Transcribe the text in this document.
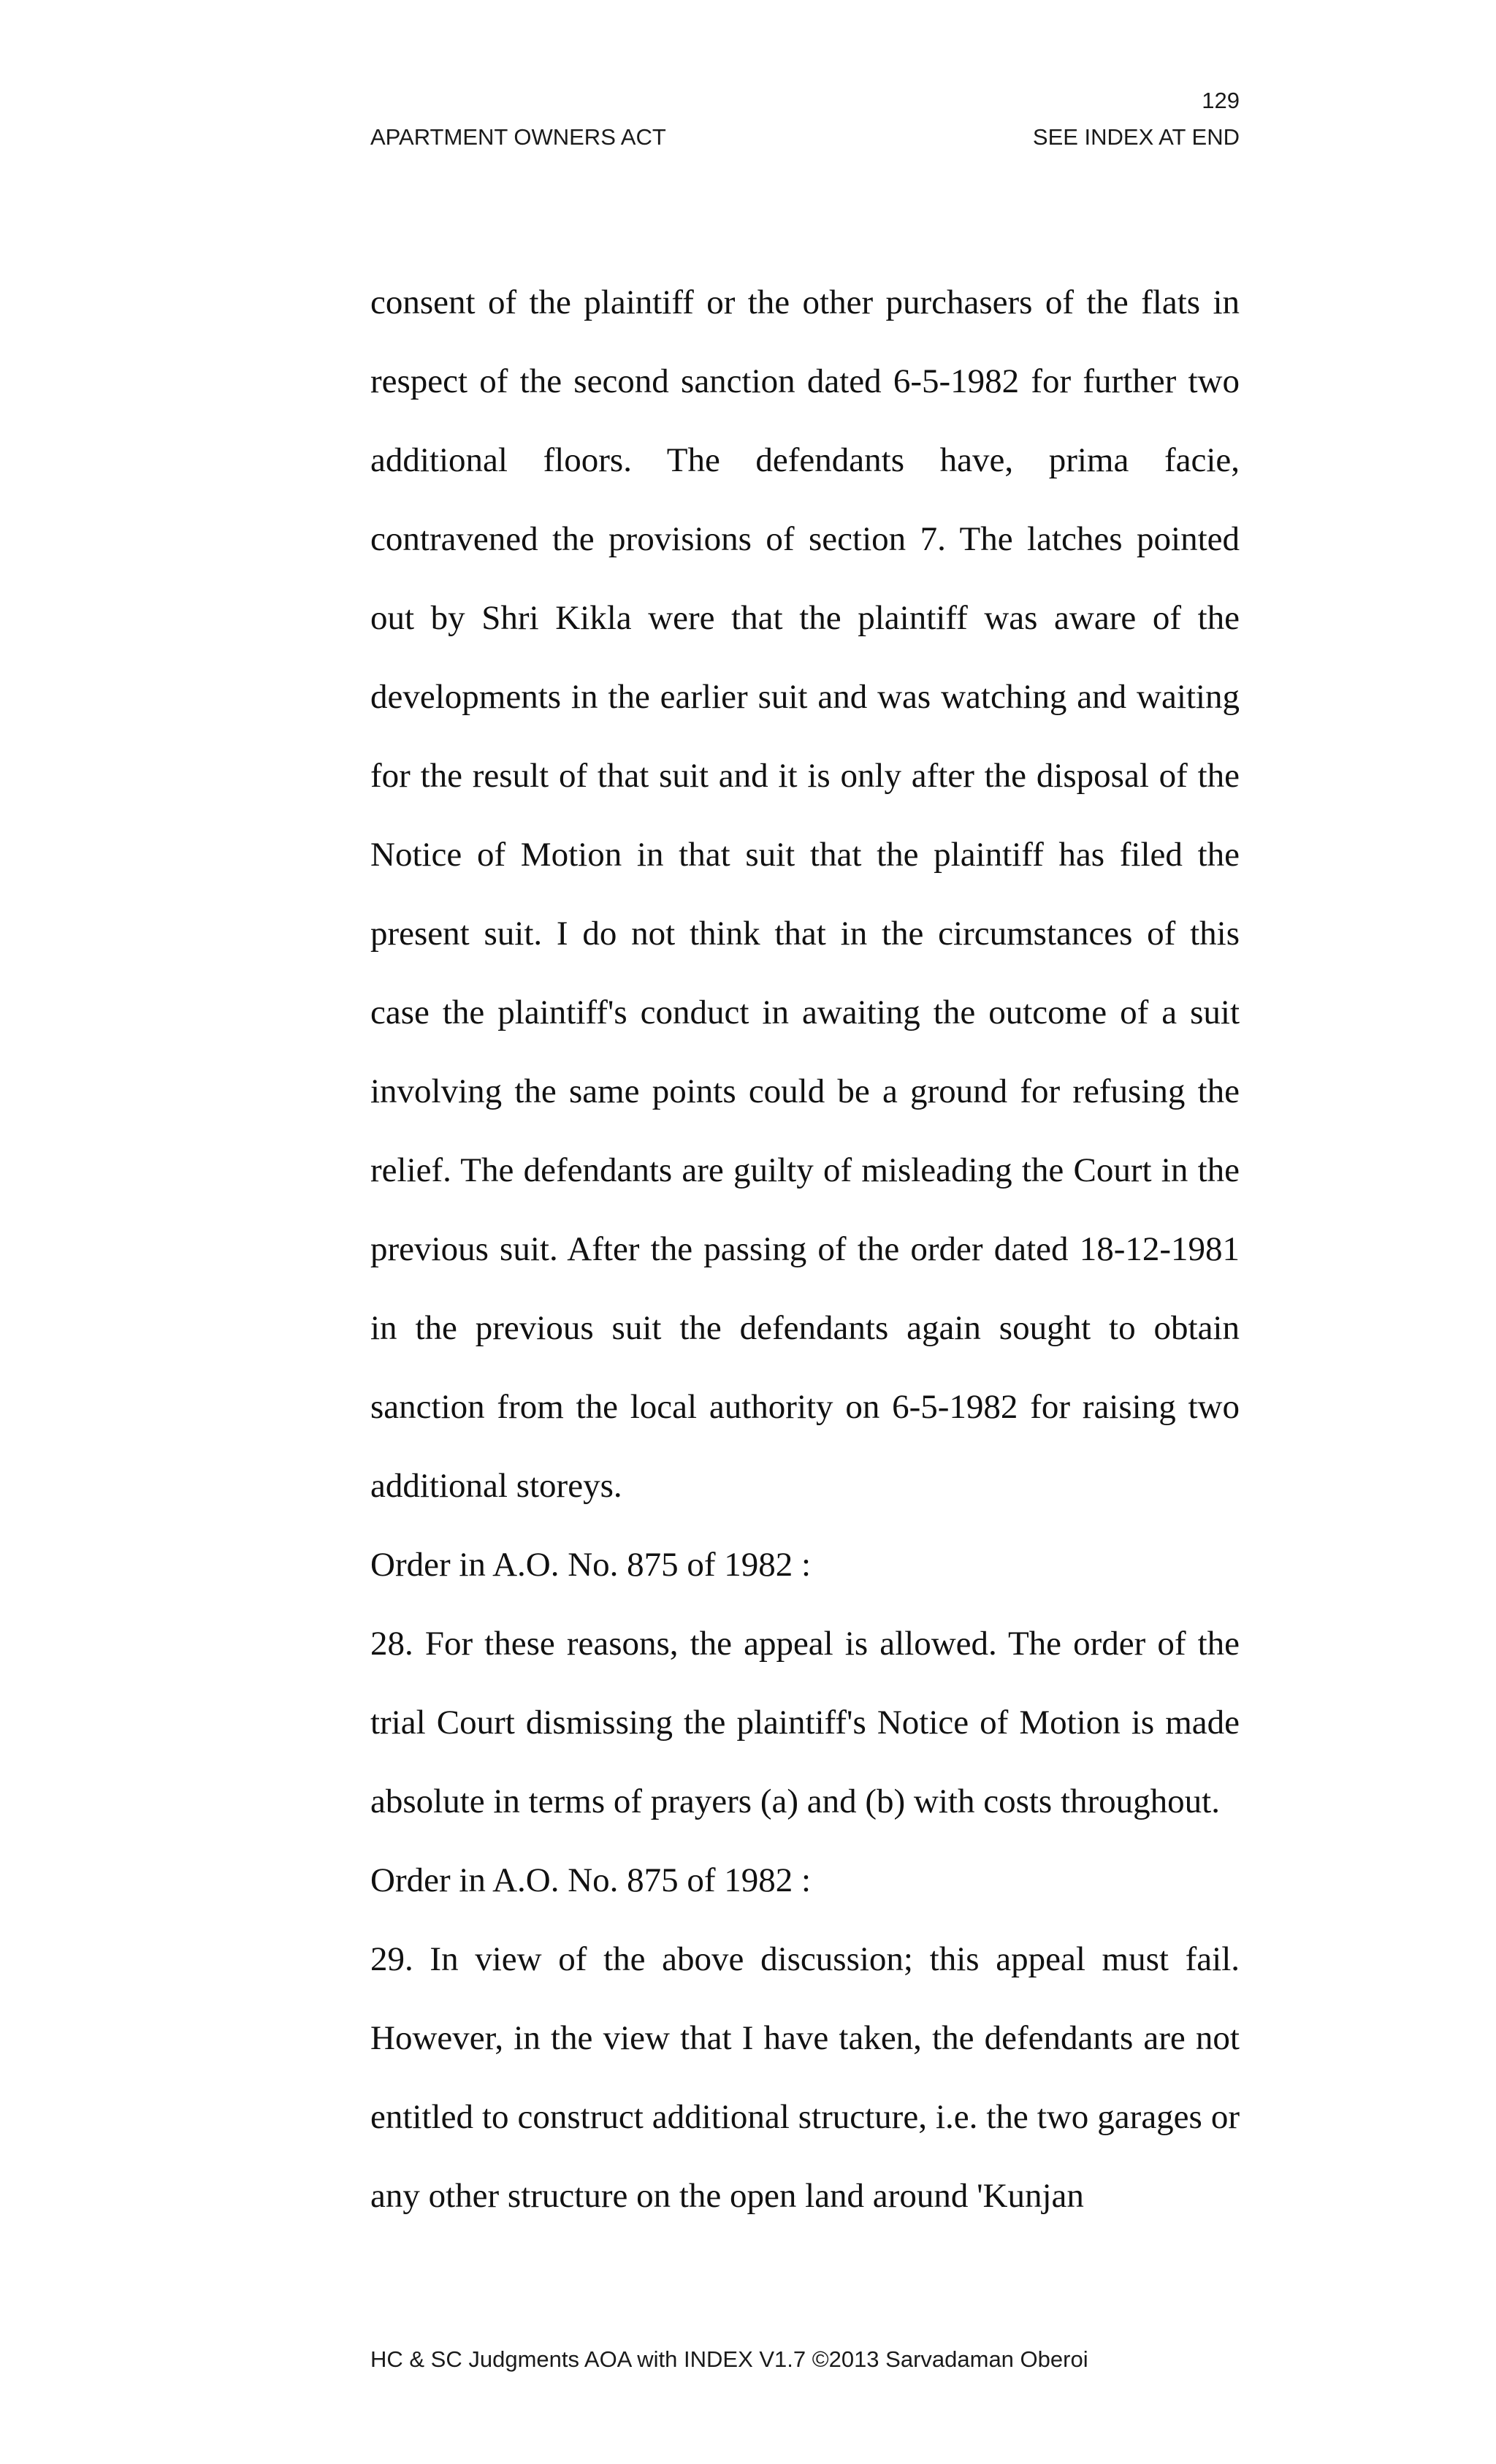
129
APARTMENT OWNERS ACT	SEE INDEX AT END

consent of the plaintiff or the other purchasers of the flats in respect of the second sanction dated 6-5-1982 for further two additional floors. The defendants have, prima facie, contravened the provisions of section 7. The latches pointed out by Shri Kikla were that the plaintiff was aware of the developments in the earlier suit and was watching and waiting for the result of that suit and it is only after the disposal of the Notice of Motion in that suit that the plaintiff has filed the present suit. I do not think that in the circumstances of this case the plaintiff's conduct in awaiting the outcome of a suit involving the same points could be a ground for refusing the relief. The defendants are guilty of misleading the Court in the previous suit. After the passing of the order dated 18-12-1981 in the previous suit the defendants again sought to obtain sanction from the local authority on 6-5-1982 for raising two additional storeys.

Order in A.O. No. 875 of 1982 :

28. For these reasons, the appeal is allowed. The order of the trial Court dismissing the plaintiff's Notice of Motion is made absolute in terms of prayers (a) and (b) with costs throughout.

Order in A.O. No. 875 of 1982 :

29. In view of the above discussion; this appeal must fail. However, in the view that I have taken, the defendants are not entitled to construct additional structure, i.e. the two garages or any other structure on the open land around 'Kunjan

HC & SC Judgments AOA with INDEX V1.7 ©2013 Sarvadaman Oberoi
